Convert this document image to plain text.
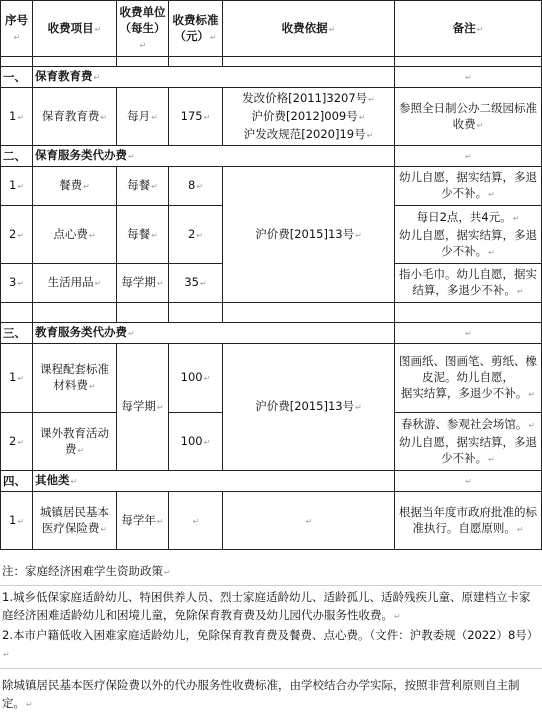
序号↵	收费项目↵	收费单位（每生）↵	收费标准（元）↵	收费依据↵	备注↵

一、	保育教育费↵				↵
1↵	保育教育费↵	每月↵	175↵	发改价格[2011]3207号↵
沪价费[2012]009号↵
沪发改规范[2020]19号↵	参照全日制公办二级园标准收费↵
二、	保育服务类代办费↵				↵
1↵	餐费↵	每餐↵	8↵	沪价费[2015]13号↵	幼儿自愿，据实结算，多退少不补。↵
2↵	点心费↵	每餐↵	2↵		每日2点，共4元。↵
幼儿自愿，据实结算，多退少不补。↵

3↵	生活用品↵	每学期↵	35↵		指小毛巾。幼儿自愿，据实结算，多退少不补。↵

三、	教育服务类代办费↵				↵
1↵	课程配套标准材料费↵	每学期↵	100↵	沪价费[2015]13号↵	图画纸、图画笔、剪纸、橡皮泥。幼儿自愿，
据实结算，多退少不补。↵

2↵	课外教育活动费↵		100↵		春秋游、参观社会场馆。↵
幼儿自愿，据实结算，多退少不补。↵

四、	其他类↵				↵
1↵	城镇居民基本医疗保险费↵	每学年↵	↵	↵	根据当年度市政府批准的标准执行。自愿原则。↵
注：家庭经济困难学生资助政策↵
1.城乡低保家庭适龄幼儿、特困供养人员、烈士家庭适龄幼儿、适龄孤儿、适龄残疾儿童、原建档立卡家庭经济困难适龄幼儿和困境儿童，免除保育教育费及幼儿园代办服务性收费。↵
2.本市户籍低收入困难家庭适龄幼儿，免除保育教育费及餐费、点心费。（文件：沪教委规（2022）8号）↵
除城镇居民基本医疗保险费以外的代办服务性收费标准，由学校结合办学实际，按照非营利原则自主制定。↵
